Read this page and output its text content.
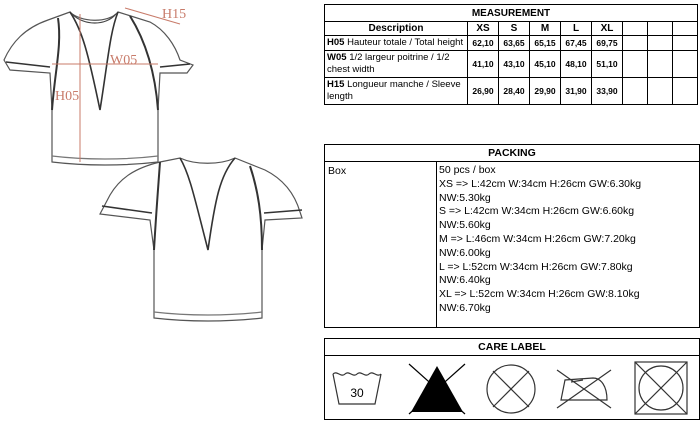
H15
W05
H05
MEASUREMENT								
Description	XS	S	M	L	XL			
H05 Hauteur totale / Total height	62,10	63,65	65,15	67,45	69,75			
W05 1/2 largeur poitrine / 1/2 chest width	41,10	43,10	45,10	48,10	51,10			
H15 Longueur manche / Sleeve length	26,90	28,40	29,90	31,90	33,90			
PACKING
Box	50 pcs / box
XS => L:42cm W:34cm H:26cm GW:6.30kg
NW:5.30kg
S => L:42cm W:34cm H:26cm GW:6.60kg
NW:5.60kg
M => L:46cm W:34cm H:26cm GW:7.20kg
NW:6.00kg
L => L:52cm W:34cm H:26cm GW:7.80kg
NW:6.40kg
XL => L:52cm W:34cm H:26cm GW:8.10kg
NW:6.70kg
CARE LABEL
30
